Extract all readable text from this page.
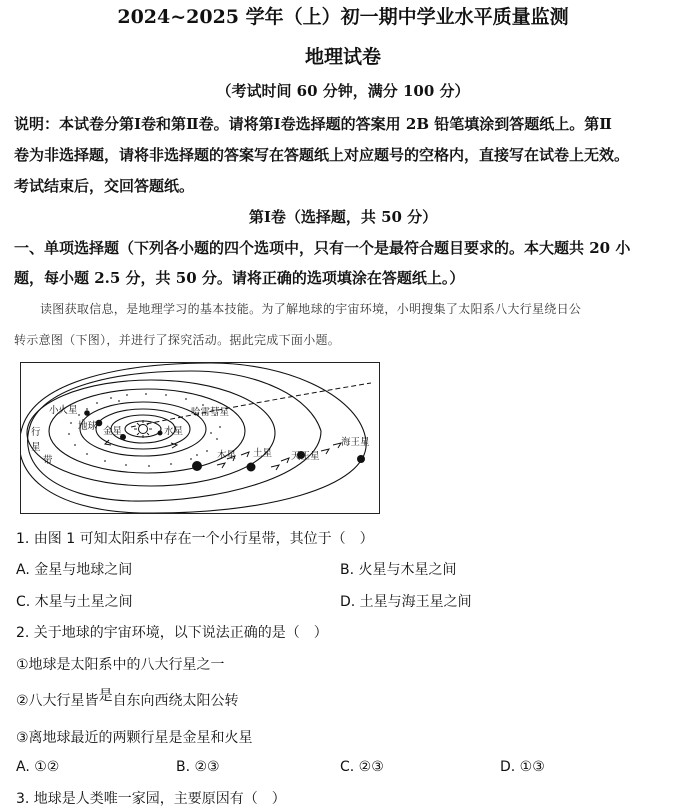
2024~2025 学年（上）初一期中学业水平质量监测
地理试卷
（考试时间 60 分钟，满分 100 分）
说明：本试卷分第Ⅰ卷和第Ⅱ卷。请将第Ⅰ卷选择题的答案用 2B 铅笔填涂到答题纸上。第Ⅱ
卷为非选择题，请将非选择题的答案写在答题纸上对应题号的空格内，直接写在试卷上无效。
考试结束后，交回答题纸。
第Ⅰ卷（选择题，共 50 分）
一、单项选择题（下列各小题的四个选项中，只有一个是最符合题目要求的。本大题共 20 小
题，每小题 2.5 分，共 50 分。请将正确的选项填涂在答题纸上。）
读图获取信息，是地理学习的基本技能。为了解地球的宇宙环境，小明搜集了太阳系八大行星绕日公
转示意图（下图），并进行了探究活动。据此完成下面小题。
小火星
行
星
带
地球 金星	水星
哈雷彗星
木星 土星 天王星
海王星
1. 由图 1 可知太阳系中存在一个小行星带，其位于（　）
A. 金星与地球之间	B. 火星与木星之间
C. 木星与土星之间	D. 土星与海王星之间
2. 关于地球的宇宙环境，以下说法正确的是（　）
①地球是太阳系中的八大行星之一
②八大行星皆是自东向西绕太阳公转
③离地球最近的两颗行星是金星和火星
A. ①②	B. ②③	C. ②③	D. ①③
3. 地球是人类唯一家园，主要原因有（　）
